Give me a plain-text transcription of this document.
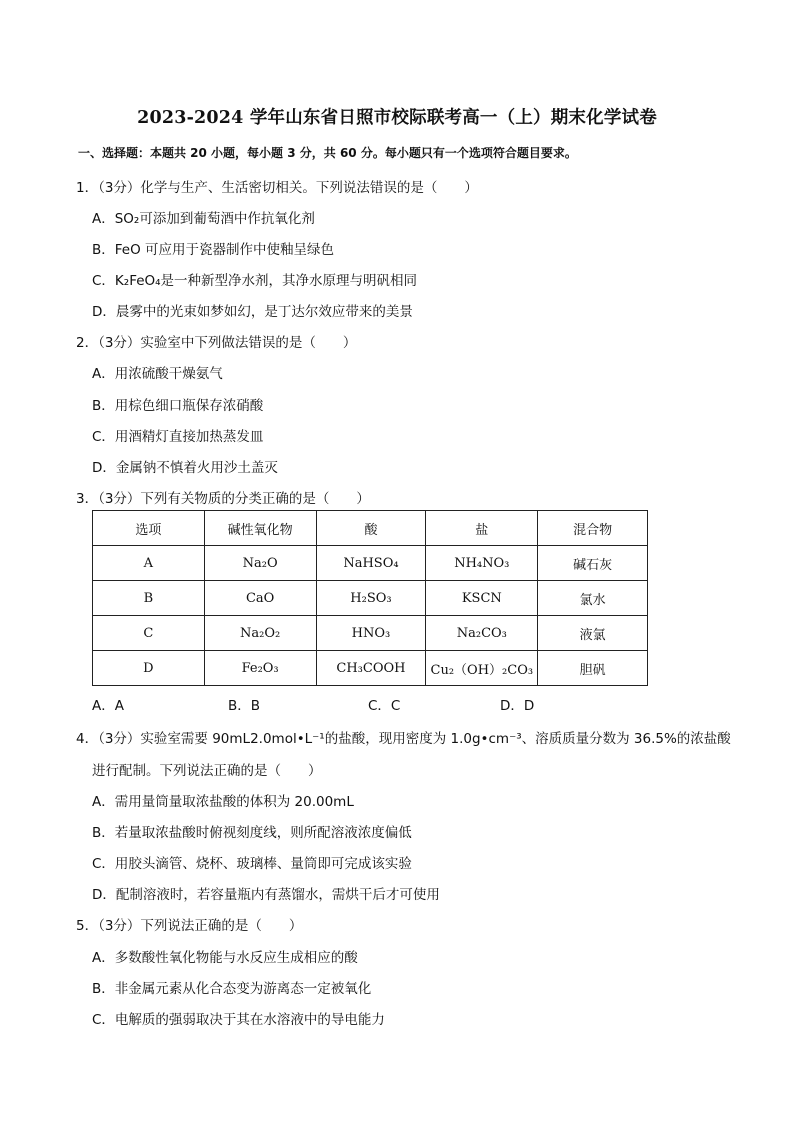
2023-2024 学年山东省日照市校际联考高一（上）期末化学试卷
一、选择题：本题共 20 小题，每小题 3 分，共 60 分。每小题只有一个选项符合题目要求。
1．（3分）化学与生产、生活密切相关。下列说法错误的是（　　）
A．SO₂可添加到葡萄酒中作抗氧化剂
B．FeO 可应用于瓷器制作中使釉呈绿色
C．K₂FeO₄是一种新型净水剂，其净水原理与明矾相同
D．晨雾中的光束如梦如幻，是丁达尔效应带来的美景
2．（3分）实验室中下列做法错误的是（　　）
A．用浓硫酸干燥氨气
B．用棕色细口瓶保存浓硝酸
C．用酒精灯直接加热蒸发皿
D．金属钠不慎着火用沙土盖灭
3．（3分）下列有关物质的分类正确的是（　　）
选项	碱性氧化物	酸	盐	混合物
A	Na₂O	NaHSO₄	NH₄NO₃	碱石灰
B	CaO	H₂SO₃	KSCN	氯水
C	Na₂O₂	HNO₃	Na₂CO₃	液氯
D	Fe₂O₃	CH₃COOH	Cu₂（OH）₂CO₃	胆矾
A．A	B．B	C．C	D．D
4．（3分）实验室需要 90mL2.0mol•L⁻¹的盐酸，现用密度为 1.0g•cm⁻³、溶质质量分数为 36.5%的浓盐酸
进行配制。下列说法正确的是（　　）
A．需用量筒量取浓盐酸的体积为 20.00mL
B．若量取浓盐酸时俯视刻度线，则所配溶液浓度偏低
C．用胶头滴管、烧杯、玻璃棒、量筒即可完成该实验
D．配制溶液时，若容量瓶内有蒸馏水，需烘干后才可使用
5．（3分）下列说法正确的是（　　）
A．多数酸性氧化物能与水反应生成相应的酸
B．非金属元素从化合态变为游离态一定被氧化
C．电解质的强弱取决于其在水溶液中的导电能力
